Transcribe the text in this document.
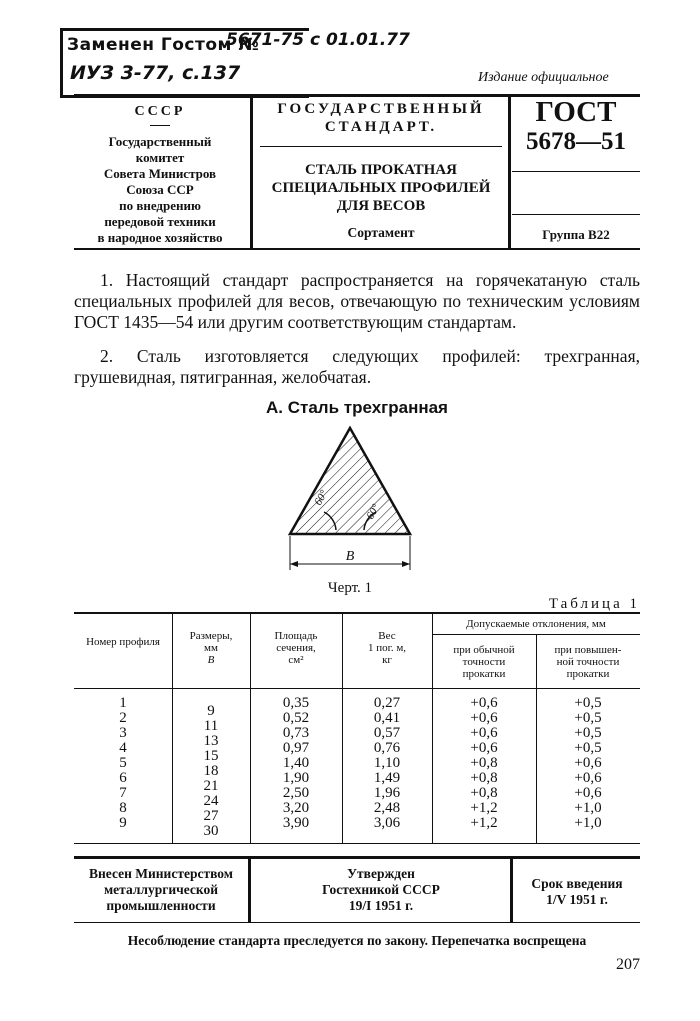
Заменен Гостом №
5671-75 с 01.01.77
ИУЗ 3-77, с.137	Издание официальное
СССР
Государственный
комитет
Совета Министров
Союза ССР
по внедрению
передовой техники
в народное хозяйство
ГОСУДАРСТВЕННЫЙ
СТАНДАРТ.
СТАЛЬ ПРОКАТНАЯ
СПЕЦИАЛЬНЫХ ПРОФИЛЕЙ
ДЛЯ ВЕСОВ
Сортамент
ГОСТ
5678—51
Группа В22
1. Настоящий стандарт распространяется на горячекатаную сталь специальных профилей для весов, отвечающую по техническим условиям ГОСТ 1435—54 или другим соответствующим стандартам.
2. Сталь изготовляется следующих профилей: трехгранная, грушевидная, пятигранная, желобчатая.
А. Сталь трехгранная
60°
60°
В
Черт. 1
Таблица 1
Номер профиля	Размеры,
мм
В
Площадь
сечения,
см²
Вес
1 пог. м,
кг
Допускаемые отклонения, мм
при обычной
точности
прокатки
при повышен-
ной точности
прокатки
1
2
3
4
5
6
7
8
9
9
11
13
15
18
21
24
27
30
0,35
0,52
0,73
0,97
1,40
1,90
2,50
3,20
3,90
0,27
0,41
0,57
0,76
1,10
1,49
1,96
2,48
3,06
+0,6
+0,6
+0,6
+0,6
+0,8
+0,8
+0,8
+1,2
+1,2
+0,5
+0,5
+0,5
+0,5
+0,6
+0,6
+0,6
+1,0
+1,0
Внесен Министерством
металлургической
промышленности
Утвержден
Гостехникой СССР
19/I 1951 г.
Срок введения
1/V 1951 г.
Несоблюдение стандарта преследуется по закону. Перепечатка воспрещена
207
